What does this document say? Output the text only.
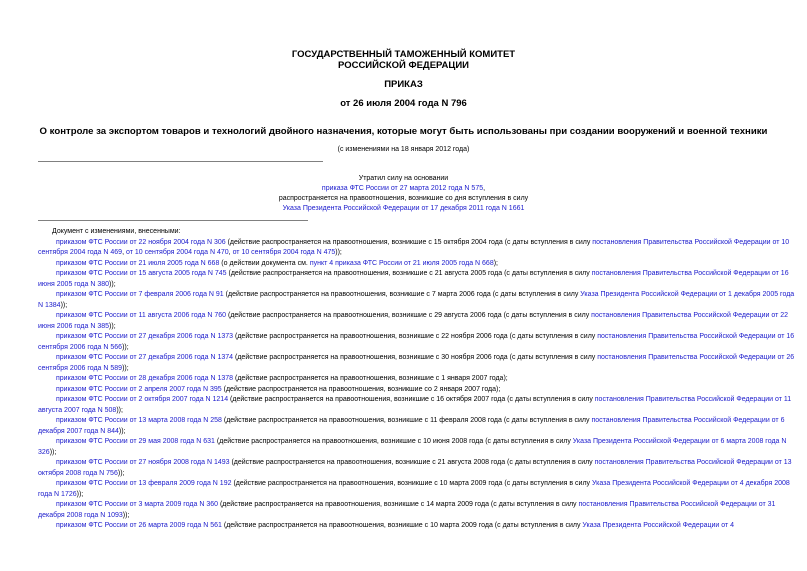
ГОСУДАРСТВЕННЫЙ ТАМОЖЕННЫЙ КОМИТЕТ
РОССИЙСКОЙ ФЕДЕРАЦИИ
ПРИКАЗ
от 26 июля 2004 года N 796
О контроле за экспортом товаров и технологий двойного назначения, которые могут быть использованы при создании вооружений и военной техники
(с изменениями на 18 января 2012 года)
Утратил силу на основании
приказа ФТС России от 27 марта 2012 года N 575,
распространяется на правоотношения, возникшие со дня вступления в силу
Указа Президента Российской Федерации от 17 декабря 2011 года N 1661
Документ с изменениями, внесенными:

приказом ФТС России от 22 ноября 2004 года N 306 (действие распространяется на правоотношения, возникшие с 15 октября 2004 года (с даты вступления в силу постановления Правительства Российской Федерации от 10 сентября 2004 года N 469, от 10 сентября 2004 года N 470, от 10 сентября 2004 года N 475));

приказом ФТС России от 21 июля 2005 года N 668 (о действии документа см. пункт 4 приказа ФТС России от 21 июля 2005 года N 668);

приказом ФТС России от 15 августа 2005 года N 745 (действие распространяется на правоотношения, возникшие с 21 августа 2005 года (с даты вступления в силу постановления Правительства Российской Федерации от 16 июня 2005 года N 380));

приказом ФТС России от 7 февраля 2006 года N 91 (действие распространяется на правоотношения, возникшие с 7 марта 2006 года (с даты вступления в силу Указа Президента Российской Федерации от 1 декабря 2005 года N 1384));

приказом ФТС России от 11 августа 2006 года N 760 (действие распространяется на правоотношения, возникшие с 29 августа 2006 года (с даты вступления в силу постановления Правительства Российской Федерации от 22 июня 2006 года N 385));

приказом ФТС России от 27 декабря 2006 года N 1373 (действие распространяется на правоотношения, возникшие с 22 ноября 2006 года (с даты вступления в силу постановления Правительства Российской Федерации от 16 сентября 2006 года N 566));

приказом ФТС России от 27 декабря 2006 года N 1374 (действие распространяется на правоотношения, возникшие с 30 ноября 2006 года (с даты вступления в силу постановления Правительства Российской Федерации от 26 сентября 2006 года N 589));

приказом ФТС России от 28 декабря 2006 года N 1378 (действие распространяется на правоотношения, возникшие с 1 января 2007 года);

приказом ФТС России от 2 апреля 2007 года N 395 (действие распространяется на правоотношения, возникшие со 2 января 2007 года);

приказом ФТС России от 2 октября 2007 года N 1214 (действие распространяется на правоотношения, возникшие с 16 октября 2007 года (с даты вступления в силу постановления Правительства Российской Федерации от 11 августа 2007 года N 508));

приказом ФТС России от 13 марта 2008 года N 258 (действие распространяется на правоотношения, возникшие с 11 февраля 2008 года (с даты вступления в силу постановления Правительства Российской Федерации от 6 декабря 2007 года N 844));

приказом ФТС России от 29 мая 2008 года N 631 (действие распространяется на правоотношения, возникшие с 10 июня 2008 года (с даты вступления в силу Указа Президента Российской Федерации от 6 марта 2008 года N 326));

приказом ФТС России от 27 ноября 2008 года N 1493 (действие распространяется на правоотношения, возникшие с 21 августа 2008 года (с даты вступления в силу постановления Правительства Российской Федерации от 13 октября 2008 года N 756));

приказом ФТС России от 13 февраля 2009 года N 192 (действие распространяется на правоотношения, возникшие с 10 марта 2009 года (с даты вступления в силу Указа Президента Российской Федерации от 4 декабря 2008 года N 1726));

приказом ФТС России от 3 марта 2009 года N 360 (действие распространяется на правоотношения, возникшие с 14 марта 2009 года (с даты вступления в силу постановления Правительства Российской Федерации от 31 декабря 2008 года N 1093));

приказом ФТС России от 26 марта 2009 года N 561 (действие распространяется на правоотношения, возникшие с 10 марта 2009 года (с даты вступления в силу Указа Президента Российской Федерации от 4
